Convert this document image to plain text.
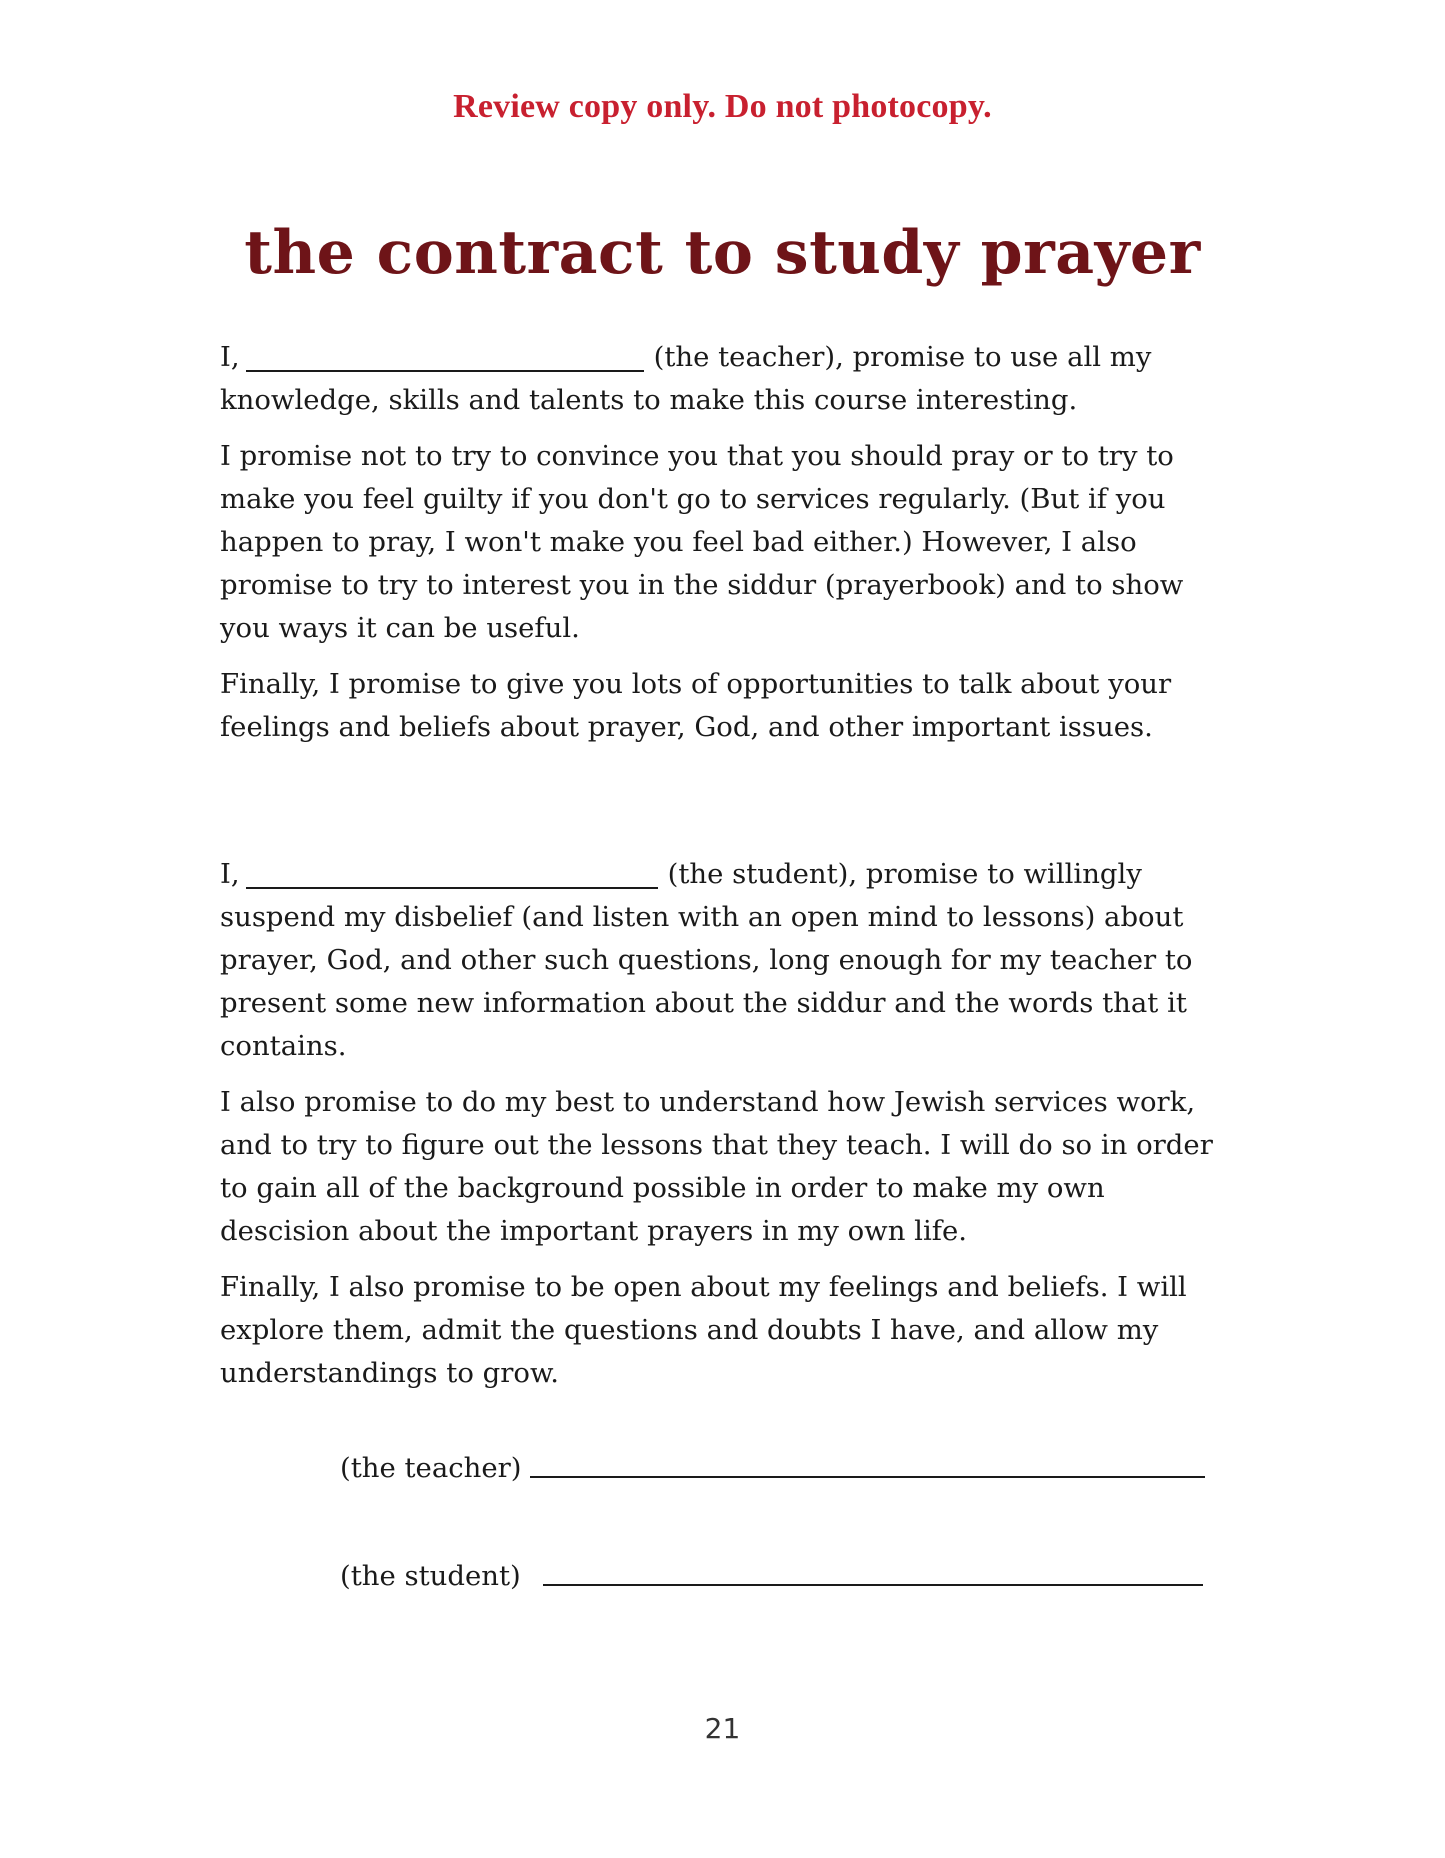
Review copy only. Do not photocopy.
the contract to study prayer

I,	(the teacher), promise to use all my knowledge, skills and talents to make this course interesting.

I promise not to try to convince you that you should pray or to try to make you feel guilty if you don't go to services regularly. (But if you happen to pray, I won't make you feel bad either.) However, I also promise to try to interest you in the siddur (prayerbook) and to show you ways it can be useful.

Finally, I promise to give you lots of opportunities to talk about your feelings and beliefs about prayer, God, and other important issues.

I,	(the student), promise to willingly suspend my disbelief (and listen with an open mind to lessons) about prayer, God, and other such questions, long enough for my teacher to present some new information about the siddur and the words that it contains.

I also promise to do my best to understand how Jewish services work, and to try to figure out the lessons that they teach. I will do so in order to gain all of the background possible in order to make my own descision about the important prayers in my own life.

Finally, I also promise to be open about my feelings and beliefs. I will explore them, admit the questions and doubts I have, and allow my understandings to grow.

(the teacher)
(the student)
21
